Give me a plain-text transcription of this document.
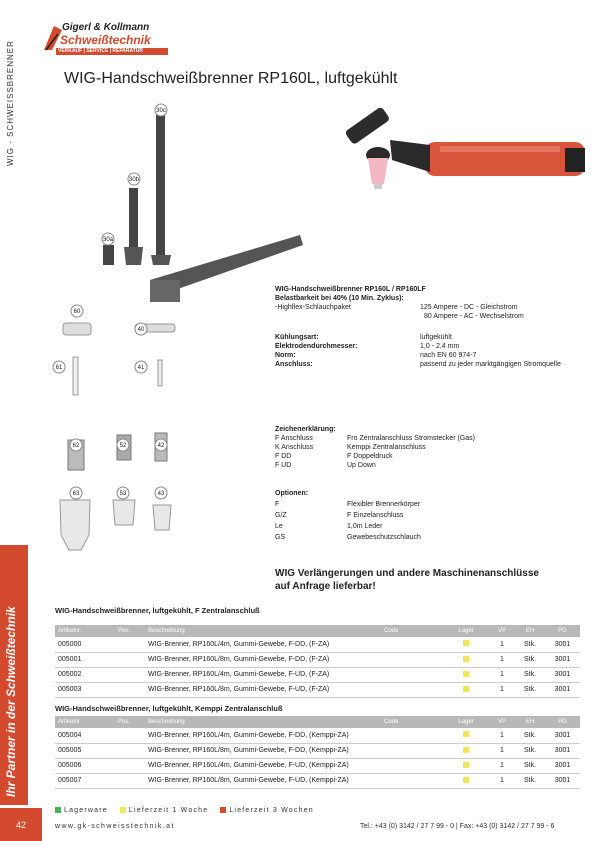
WIG - SCHWEISSBRENNER
Ihr Partner in der Schweißtechnik
42
Gigerl & Kollmann
Schweißtechnik
VERKAUF | SERVICE | REPARATUR
WIG-Handschweißbrenner RP160L, luftgekühlt
30c
30b
30a
60
40
61	41
62	52	42
63	53	43
WIG-Handschweißbrenner RP160L / RP160LF
Belastbarkeit bei 40% (10 Min. Zyklus):
-Highflex-Schlauchpaket	125 Ampere - DC - Gleichstrom
80 Ampere - AC - Wechselstrom
Kühlungsart:	luftgekühlt
Elektrodendurchmesser:	1,0 - 2,4 mm
Norm:	nach EN 60 974-7
Anschluss:	passend zu jeder marktgängigen Stromquelle
Zeichenerklärung:
F Anschluss	Fro Zentralanschluss Stromstecker (Gas)
K Anschluss	Kemppi Zentralanschluss
F DD	F Doppeldruck
F UD	Up Down
Optionen:
F	Flexibler Brennerkörper
G/Z	F Einzelanschluss
Le	1,0m Leder
GS	Gewebeschutzschlauch
WIG Verlängerungen und andere Maschinenanschlüsse
auf Anfrage lieferbar!
WIG-Handschweißbrenner, luftgekühlt, F Zentralanschluß
Artikelnr.	Pos.	Beschreibung	Code	Lager	VP	EH	PG
005000		WIG-Brenner, RP160L/4m, Gummi-Gewebe, F-DD, (F-ZA)			1	Stk.	3001
005001		WIG-Brenner, RP160L/8m, Gummi-Gewebe, F-DD, (F-ZA)			1	Stk.	3001
005002		WIG-Brenner, RP160L/4m, Gummi-Gewebe, F-UD, (F-ZA)			1	Stk.	3001
005003		WIG-Brenner, RP160L/8m, Gummi-Gewebe, F-UD, (F-ZA)			1	Stk.	3001
WIG-Handschweißbrenner, luftgekühlt, Kemppi Zentralanschluß
Artikelnr.	Pos.	Beschreibung	Code	Lager	VP	EH	PG
005004		WIG-Brenner, RP160L/4m, Gummi-Gewebe, F-DD, (Kemppi-ZA)			1	Stk.	3001
005005		WIG-Brenner, RP160L/8m, Gummi-Gewebe, F-DD, (Kemppi-ZA)			1	Stk.	3001
005006		WIG-Brenner, RP160L/4m, Gummi-Gewebe, F-UD, (Kemppi-ZA)			1	Stk.	3001
005007		WIG-Brenner, RP160L/8m, Gummi-Gewebe, F-UD, (Kemppi-ZA)			1	Stk.	3001
Lagerware	Lieferzeit 1 Woche	Lieferzeit 3 Wochen
www.gk-schweisstechnik.at	Tel.: +43 (0) 3142 / 27 7 99 - 0 | Fax: +43 (0) 3142 / 27 7 99 - 6
